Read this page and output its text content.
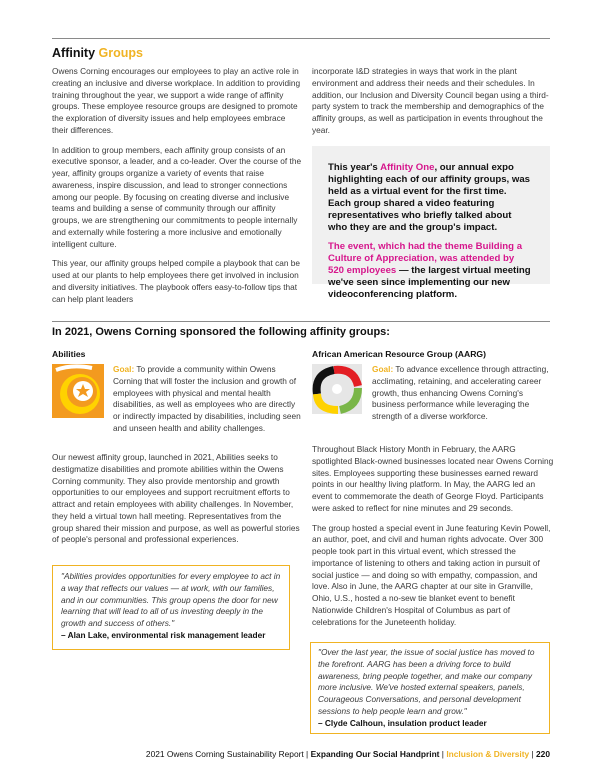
Affinity Groups

Owens Corning encourages our employees to play an active role in creating an inclusive and diverse workplace. In addition to providing training throughout the year, we support a wide range of affinity groups. These employee resource groups are designed to promote the exploration of diversity issues and help employees embrace their differences.

In addition to group members, each affinity group consists of an executive sponsor, a leader, and a co-leader. Over the course of the year, affinity groups organize a variety of events that raise awareness, inspire discussion, and lead to stronger connections among our people. By focusing on creating diverse and inclusive teams and building a sense of community through our affinity groups, we are strengthening our commitments to people internally and externally while fostering a more inclusive and emotionally intelligent culture.

This year, our affinity groups helped compile a playbook that can be used at our plants to help employees there get involved in inclusion and diversity initiatives. The playbook offers easy-to-follow tips that can help plant leaders

incorporate I&D strategies in ways that work in the plant environment and address their needs and their schedules. In addition, our Inclusion and Diversity Council began using a third-party system to track the membership and demographics of the affinity groups, as well as participation in events throughout the year.

This year's Affinity One, our annual expo highlighting each of our affinity groups, was held as a virtual event for the first time. Each group shared a video featuring representatives who briefly talked about who they are and the group's impact.

The event, which had the theme Building a Culture of Appreciation, was attended by 520 employees — the largest virtual meeting we've seen since implementing our new videoconferencing platform.

In 2021, Owens Corning sponsored the following affinity groups:
Abilities

Goal: To provide a community within Owens Corning that will foster the inclusion and growth of employees with physical and mental health disabilities, as well as employees who are directly or indirectly impacted by disabilities, including seen and unseen health and ability challenges.

Our newest affinity group, launched in 2021, Abilities seeks to destigmatize disabilities and promote abilities within the Owens Corning community. They also provide mentorship and growth opportunities to our employees and support recruitment efforts to attract and retain employees with ability challenges. In November, they held a virtual town hall meeting. Representatives from the group shared their mission and purpose, as well as powerful stories of people's personal and professional experiences.

"Abilities provides opportunities for every employee to act in a way that reflects our values — at work, with our families, and in our communities. This group opens the door for new learning that will lead to all of us investing deeply in the growth and success of others."

– Alan Lake, environmental risk management leader

African American Resource Group (AARG)

Goal: To advance excellence through attracting, acclimating, retaining, and accelerating career growth, thus enhancing Owens Corning's business performance while leveraging the strength of a diverse workforce.

Throughout Black History Month in February, the AARG spotlighted Black-owned businesses located near Owens Corning sites. Employees supporting these businesses earned reward points in our healthy living platform. In May, the AARG led an event to commemorate the death of George Floyd. Participants were asked to reflect for nine minutes and 29 seconds.

The group hosted a special event in June featuring Kevin Powell, an author, poet, and civil and human rights advocate. Over 300 people took part in this virtual event, which stressed the importance of listening to others and taking action in pursuit of social justice — and doing so with empathy, compassion, and love. Also in June, the AARG chapter at our site in Granville, Ohio, U.S., hosted a no-sew tie blanket event to benefit Nationwide Children's Hospital of Columbus as part of celebrations for the Juneteenth holiday.

"Over the last year, the issue of social justice has moved to the forefront. AARG has been a driving force to build awareness, bring people together, and make our company more inclusive. We've hosted external speakers, panels, Courageous Conversations, and personal development sessions to help people learn and grow."

– Clyde Calhoun, insulation product leader

2021 Owens Corning Sustainability Report | Expanding Our Social Handprint | Inclusion & Diversity | 220
